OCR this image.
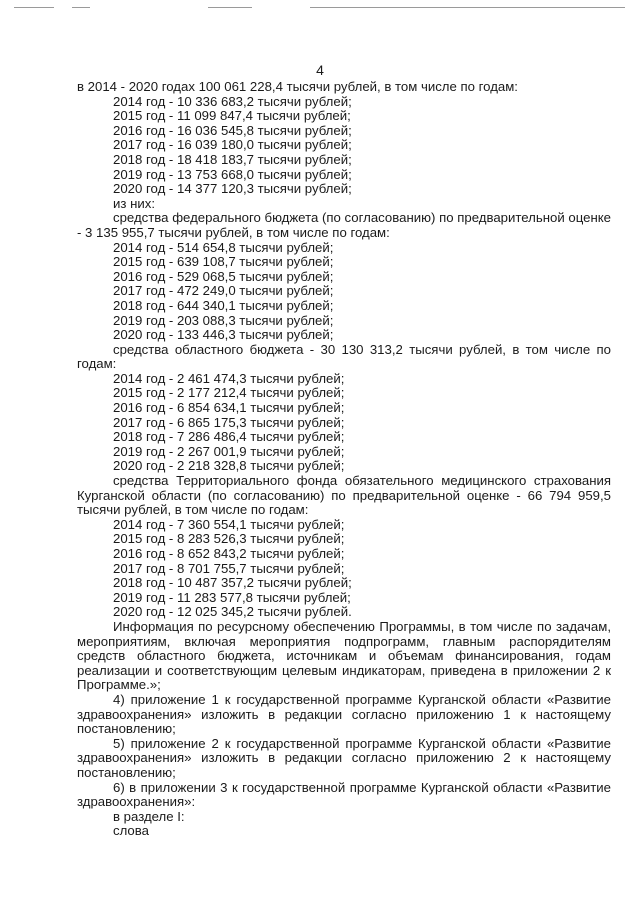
4
в 2014 - 2020 годах 100 061 228,4 тысячи рублей, в том числе по годам:
2014 год - 10 336 683,2 тысячи рублей;
2015 год - 11 099 847,4 тысячи рублей;
2016 год - 16 036 545,8 тысячи рублей;
2017 год - 16 039 180,0 тысячи рублей;
2018 год - 18 418 183,7 тысячи рублей;
2019 год - 13 753 668,0 тысячи рублей;
2020 год - 14 377 120,3 тысячи рублей;
из них:
средства федерального бюджета (по согласованию) по предварительной оценке - 3 135 955,7 тысячи рублей, в том числе по годам:
2014 год - 514 654,8 тысячи рублей;
2015 год - 639 108,7 тысячи рублей;
2016 год - 529 068,5 тысячи рублей;
2017 год - 472 249,0 тысячи рублей;
2018 год - 644 340,1 тысячи рублей;
2019 год - 203 088,3 тысячи рублей;
2020 год - 133 446,3 тысячи рублей;
средства областного бюджета - 30 130 313,2 тысячи рублей, в том числе по годам:
2014 год - 2 461 474,3 тысячи рублей;
2015 год - 2 177 212,4 тысячи рублей;
2016 год - 6 854 634,1 тысячи рублей;
2017 год - 6 865 175,3 тысячи рублей;
2018 год - 7 286 486,4 тысячи рублей;
2019 год - 2 267 001,9 тысячи рублей;
2020 год - 2 218 328,8 тысячи рублей;
средства Территориального фонда обязательного медицинского страхования Курганской области (по согласованию) по предварительной оценке - 66 794 959,5 тысячи рублей, в том числе по годам:
2014 год - 7 360 554,1 тысячи рублей;
2015 год - 8 283 526,3 тысячи рублей;
2016 год - 8 652 843,2 тысячи рублей;
2017 год - 8 701 755,7 тысячи рублей;
2018 год - 10 487 357,2 тысячи рублей;
2019 год - 11 283 577,8 тысячи рублей;
2020 год - 12 025 345,2 тысячи рублей.
Информация по ресурсному обеспечению Программы, в том числе по задачам, мероприятиям, включая мероприятия подпрограмм, главным распорядителям средств областного бюджета, источникам и объемам финансирования, годам реализации и соответствующим целевым индикаторам, приведена в приложении 2 к Программе.»;
4) приложение 1 к государственной программе Курганской области «Развитие здравоохранения» изложить в редакции согласно приложению 1 к настоящему постановлению;
5) приложение 2 к государственной программе Курганской области «Развитие здравоохранения» изложить в редакции согласно приложению 2 к настоящему постановлению;
6) в приложении 3 к государственной программе Курганской области «Развитие здравоохранения»:
в разделе I:
слова
